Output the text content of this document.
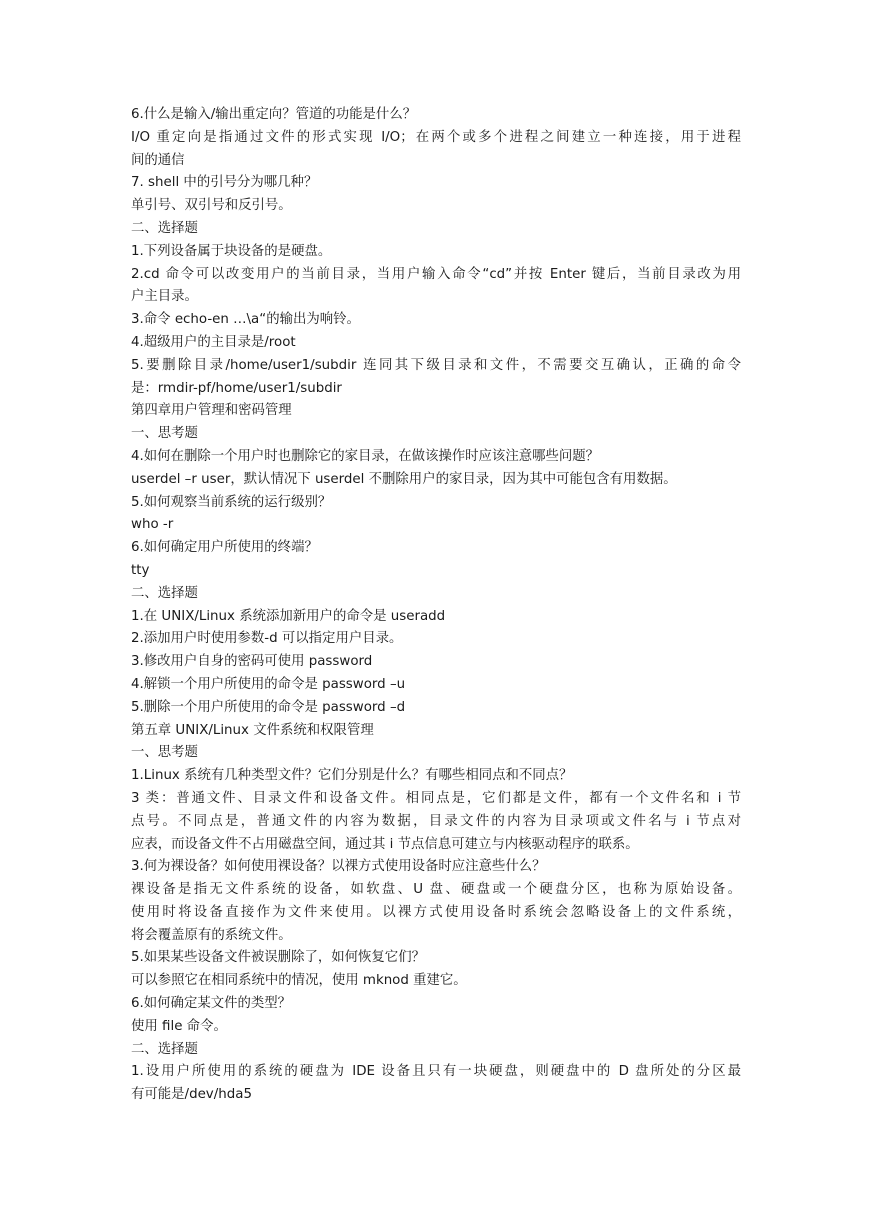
6.什么是输入/输出重定向？管道的功能是什么？
I/O 重定向是指通过文件的形式实现 I/O；在两个或多个进程之间建立一种连接，用于进程
间的通信
7. shell 中的引号分为哪几种？
单引号、双引号和反引号。
二、选择题
1.下列设备属于块设备的是硬盘。
2.cd 命令可以改变用户的当前目录，当用户输入命令“cd”并按 Enter 键后，当前目录改为用
户主目录。
3.命令 echo-en …\a“的输出为响铃。
4.超级用户的主目录是/root
5.要删除目录/home/user1/subdir 连同其下级目录和文件，不需要交互确认，正确的命令
是：rmdir-pf/home/user1/subdir
第四章用户管理和密码管理
一、思考题
4.如何在删除一个用户时也删除它的家目录，在做该操作时应该注意哪些问题？
userdel –r user，默认情况下 userdel 不删除用户的家目录，因为其中可能包含有用数据。
5.如何观察当前系统的运行级别？
who -r
6.如何确定用户所使用的终端？
tty
二、选择题
1.在 UNIX/Linux 系统添加新用户的命令是 useradd
2.添加用户时使用参数-d 可以指定用户目录。
3.修改用户自身的密码可使用 password
4.解锁一个用户所使用的命令是 password –u
5.删除一个用户所使用的命令是 password –d
第五章 UNIX/Linux 文件系统和权限管理
一、思考题
1.Linux 系统有几种类型文件？它们分别是什么？有哪些相同点和不同点？
3 类：普通文件、目录文件和设备文件。相同点是，它们都是文件，都有一个文件名和 i 节
点号。不同点是，普通文件的内容为数据，目录文件的内容为目录项或文件名与 i 节点对
应表，而设备文件不占用磁盘空间，通过其 i 节点信息可建立与内核驱动程序的联系。
3.何为裸设备？如何使用裸设备？以裸方式使用设备时应注意些什么？
裸设备是指无文件系统的设备，如软盘、U 盘、硬盘或一个硬盘分区，也称为原始设备。
使用时将设备直接作为文件来使用。以裸方式使用设备时系统会忽略设备上的文件系统，
将会覆盖原有的系统文件。
5.如果某些设备文件被误删除了，如何恢复它们？
可以参照它在相同系统中的情况，使用 mknod 重建它。
6.如何确定某文件的类型？
使用 file 命令。
二、选择题
1.设用户所使用的系统的硬盘为 IDE 设备且只有一块硬盘，则硬盘中的 D 盘所处的分区最
有可能是/dev/hda5
